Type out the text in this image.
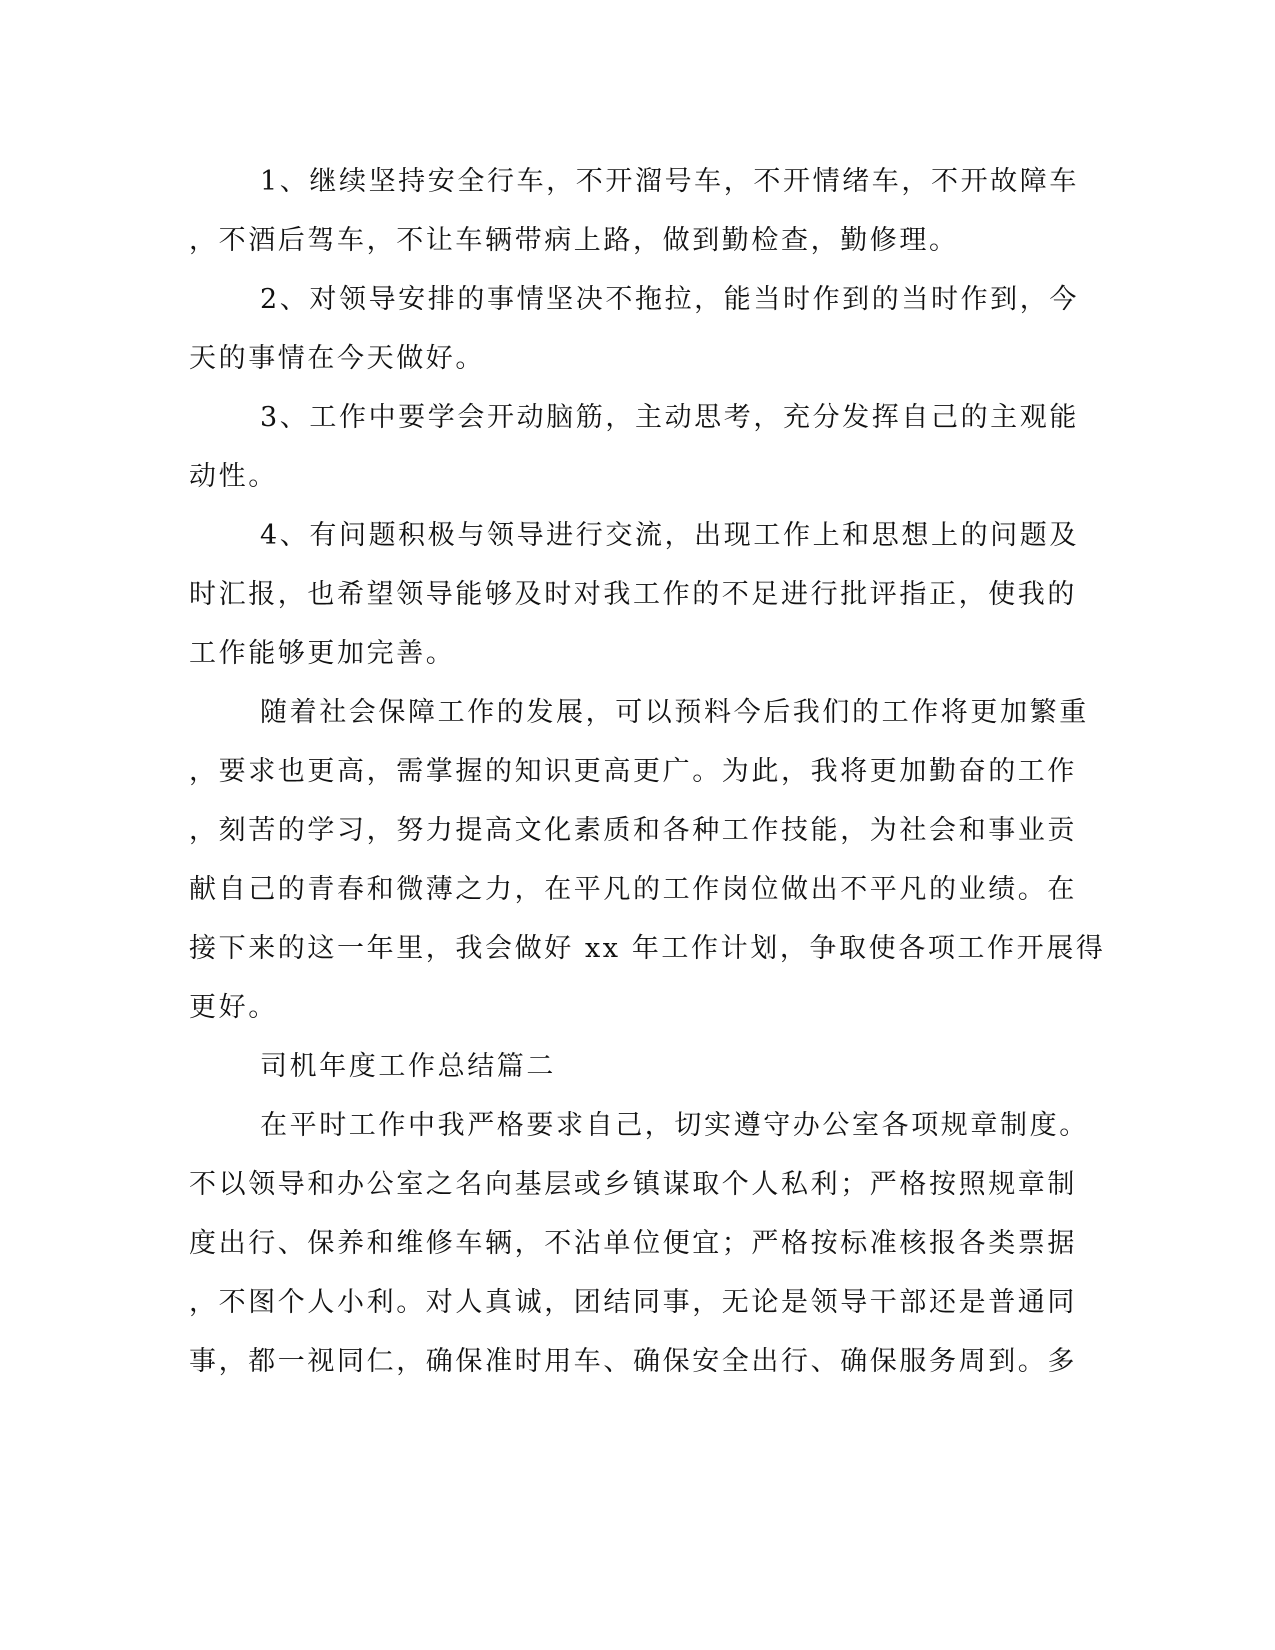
1、继续坚持安全行车，不开溜号车，不开情绪车，不开故障车
，不酒后驾车，不让车辆带病上路，做到勤检查，勤修理。
2、对领导安排的事情坚决不拖拉，能当时作到的当时作到，今
天的事情在今天做好。
3、工作中要学会开动脑筋，主动思考，充分发挥自己的主观能
动性。
4、有问题积极与领导进行交流，出现工作上和思想上的问题及
时汇报，也希望领导能够及时对我工作的不足进行批评指正，使我的
工作能够更加完善。
随着社会保障工作的发展，可以预料今后我们的工作将更加繁重
，要求也更高，需掌握的知识更高更广。为此，我将更加勤奋的工作
，刻苦的学习，努力提高文化素质和各种工作技能，为社会和事业贡
献自己的青春和微薄之力，在平凡的工作岗位做出不平凡的业绩。在
接下来的这一年里，我会做好 xx 年工作计划，争取使各项工作开展得
更好。
司机年度工作总结篇二
在平时工作中我严格要求自己，切实遵守办公室各项规章制度。
不以领导和办公室之名向基层或乡镇谋取个人私利；严格按照规章制
度出行、保养和维修车辆，不沾单位便宜；严格按标准核报各类票据
，不图个人小利。对人真诚，团结同事，无论是领导干部还是普通同
事，都一视同仁，确保准时用车、确保安全出行、确保服务周到。多
